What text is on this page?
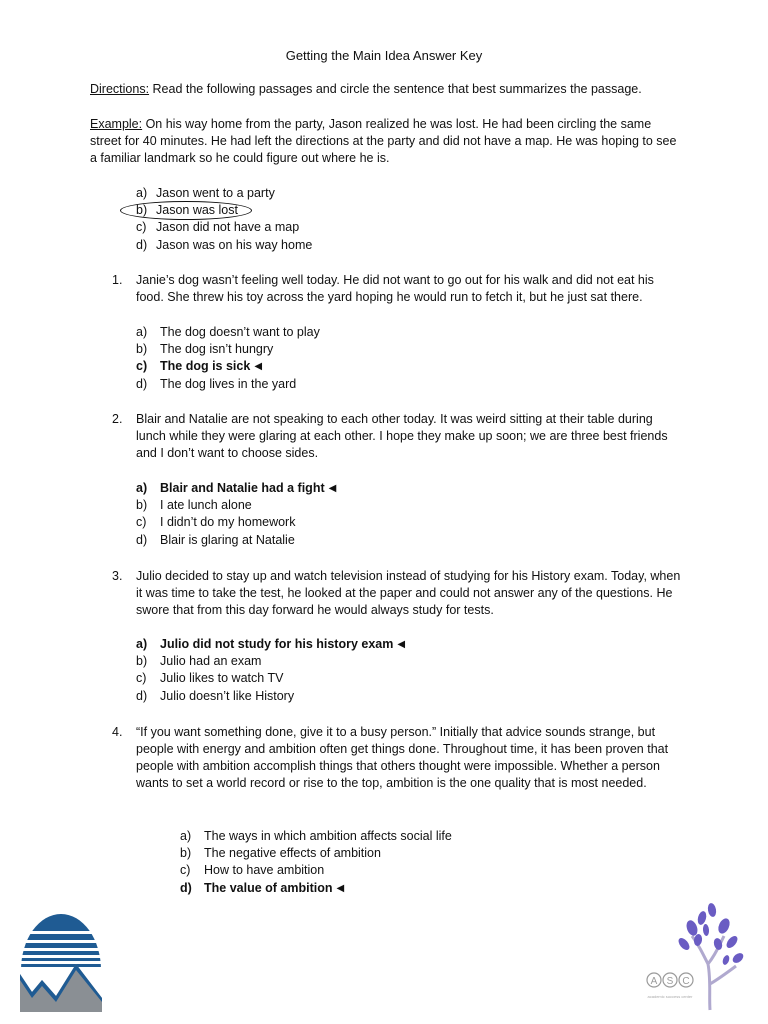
Getting the Main Idea Answer Key
Directions: Read the following passages and circle the sentence that best summarizes the passage.
Example: On his way home from the party, Jason realized he was lost. He had been circling the same street for 40 minutes. He had left the directions at the party and did not have a map. He was hoping to see a familiar landmark so he could figure out where he is.
a) Jason went to a party
b) Jason was lost
c) Jason did not have a map
d) Jason was on his way home
1. Janie’s dog wasn’t feeling well today. He did not want to go out for his walk and did not eat his food. She threw his toy across the yard hoping he would run to fetch it, but he just sat there.
a) The dog doesn’t want to play
b) The dog isn’t hungry
c) The dog is sick ◀
d) The dog lives in the yard
2. Blair and Natalie are not speaking to each other today. It was weird sitting at their table during lunch while they were glaring at each other. I hope they make up soon; we are three best friends and I don’t want to choose sides.
a) Blair and Natalie had a fight ◀
b) I ate lunch alone
c) I didn’t do my homework
d) Blair is glaring at Natalie
3. Julio decided to stay up and watch television instead of studying for his History exam. Today, when it was time to take the test, he looked at the paper and could not answer any of the questions. He swore that from this day forward he would always study for tests.
a) Julio did not study for his history exam ◀
b) Julio had an exam
c) Julio likes to watch TV
d) Julio doesn’t like History
4. “If you want something done, give it to a busy person.” Initially that advice sounds strange, but people with energy and ambition often get things done. Throughout time, it has been proven that people with ambition accomplish things that others thought were impossible. Whether a person wants to set a world record or rise to the top, ambition is the one quality that is most needed.
a) The ways in which ambition affects social life
b) The negative effects of ambition
c) How to have ambition
d) The value of ambition ◀
A S C
academic success center
